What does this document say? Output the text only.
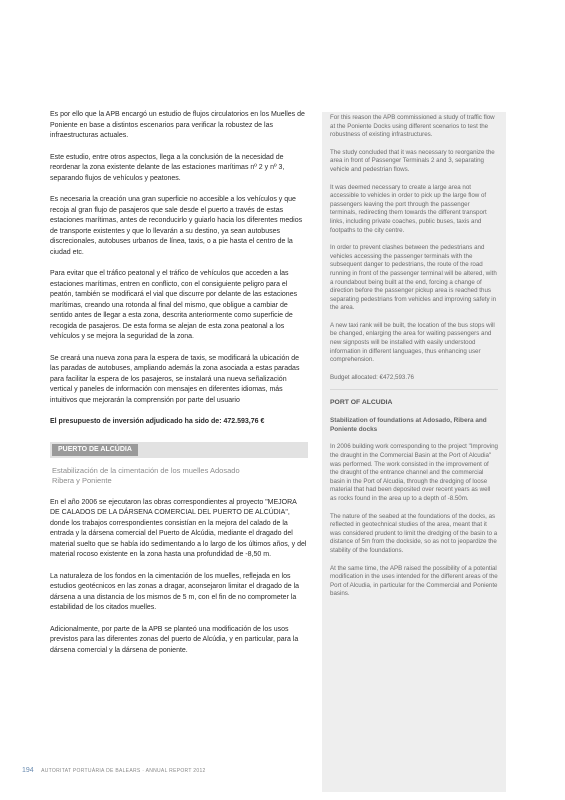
Es por ello que la APB encargó un estudio de flujos circulatorios en los Muelles de Poniente en base a distintos escenarios para verificar la robustez de las infraestructuras actuales.

Este estudio, entre otros aspectos, llega a la conclusión de la necesidad de reordenar la zona existente delante de las estaciones marítimas nº 2 y nº 3, separando flujos de vehículos y peatones.

Es necesaria la creación una gran superficie no accesible a los vehículos y que recoja al gran flujo de pasajeros que sale desde el puerto a través de estas estaciones marítimas, antes de reconducirlo y guiarlo hacia los diferentes medios de transporte existentes y que lo llevarán a su destino, ya sean autobuses discrecionales, autobuses urbanos de línea, taxis, o a pie hasta el centro de la ciudad etc.

Para evitar que el tráfico peatonal y el tráfico de vehículos que acceden a las estaciones marítimas, entren en conflicto, con el consiguiente peligro para el peatón, también se modificará el vial que discurre por delante de las estaciones marítimas, creando una rotonda al final del mismo, que obligue a cambiar de sentido antes de llegar a esta zona, descrita anteriormente como superficie de recogida de pasajeros. De esta forma se alejan de esta zona peatonal a los vehículos y se mejora la seguridad de la zona.

Se creará una nueva zona para la espera de taxis, se modificará la ubicación de las paradas de autobuses, ampliando además la zona asociada a estas paradas para facilitar la espera de los pasajeros, se instalará una nueva señalización vertical y paneles de información con mensajes en diferentes idiomas, más intuitivos que mejorarán la comprensión por parte del usuario

El presupuesto de inversión adjudicado ha sido de: 472.593,76 €

PUERTO DE ALCÚDIA
Estabilización de la cimentación de los muelles Adosado
Ribera y Poniente

En el año 2006 se ejecutaron las obras correspondientes al proyecto "MEJORA DE CALADOS DE LA DÁRSENA COMERCIAL DEL PUERTO DE ALCÚDIA", donde los trabajos correspondientes consistían en la mejora del calado de la entrada y la dársena comercial del Puerto de Alcúdia, mediante el dragado del material suelto que se había ido sedimentando a lo largo de los últimos años, y del material rocoso existente en la zona hasta una profundidad de -8,50 m.

La naturaleza de los fondos en la cimentación de los muelles, reflejada en los estudios geotécnicos en las zonas a dragar, aconsejaron limitar el dragado de la dársena a una distancia de los mismos de 5 m, con el fin de no comprometer la estabilidad de los citados muelles.

Adicionalmente, por parte de la APB se planteó una modificación de los usos previstos para las diferentes zonas del puerto de Alcúdia, y en particular, para la dársena comercial y la dársena de poniente.

For this reason the APB commissioned a study of traffic flow at the Poniente Docks using different scenarios to test the robustness of existing infrastructures.

The study concluded that it was necessary to reorganize the area in front of Passenger Terminals 2 and 3, separating vehicle and pedestrian flows.

It was deemed necessary to create a large area not accessible to vehicles in order to pick up the large flow of passengers leaving the port through the passenger terminals, redirecting them towards the different transport links, including private coaches, public buses, taxis and footpaths to the city centre.

In order to prevent clashes between the pedestrians and vehicles accessing the passenger terminals with the subsequent danger to pedestrians, the route of the road running in front of the passenger terminal will be altered, with a roundabout being built at the end, forcing a change of direction before the passenger pickup area is reached thus separating pedestrians from vehicles and improving safety in the area.

A new taxi rank will be built, the location of the bus stops will be changed, enlarging the area for waiting passengers and new signposts will be installed with easily understood information in different languages, thus enhancing user comprehension.

Budget allocated: €472,593.76

PORT OF ALCUDIA

Stabilization of foundations at Adosado, Ribera and Poniente docks

In 2006 building work corresponding to the project "Improving the draught in the Commercial Basin at the Port of Alcudia" was performed. The work consisted in the improvement of the draught of the entrance channel and the commercial basin in the Port of Alcudia, through the dredging of loose material that had been deposited over recent years as well as rocks found in the area up to a depth of -8.50m.

The nature of the seabed at the foundations of the docks, as reflected in geotechnical studies of the area, meant that it was considered prudent to limit the dredging of the basin to a distance of 5m from the dockside, so as not to jeopardize the stability of the foundations.

At the same time, the APB raised the possibility of a potential modification in the uses intended for the different areas of the Port of Alcudia, in particular for the Commercial and Poniente basins.

194 AUTORITAT PORTUÀRIA DE BALEARS · ANNUAL REPORT 2012
